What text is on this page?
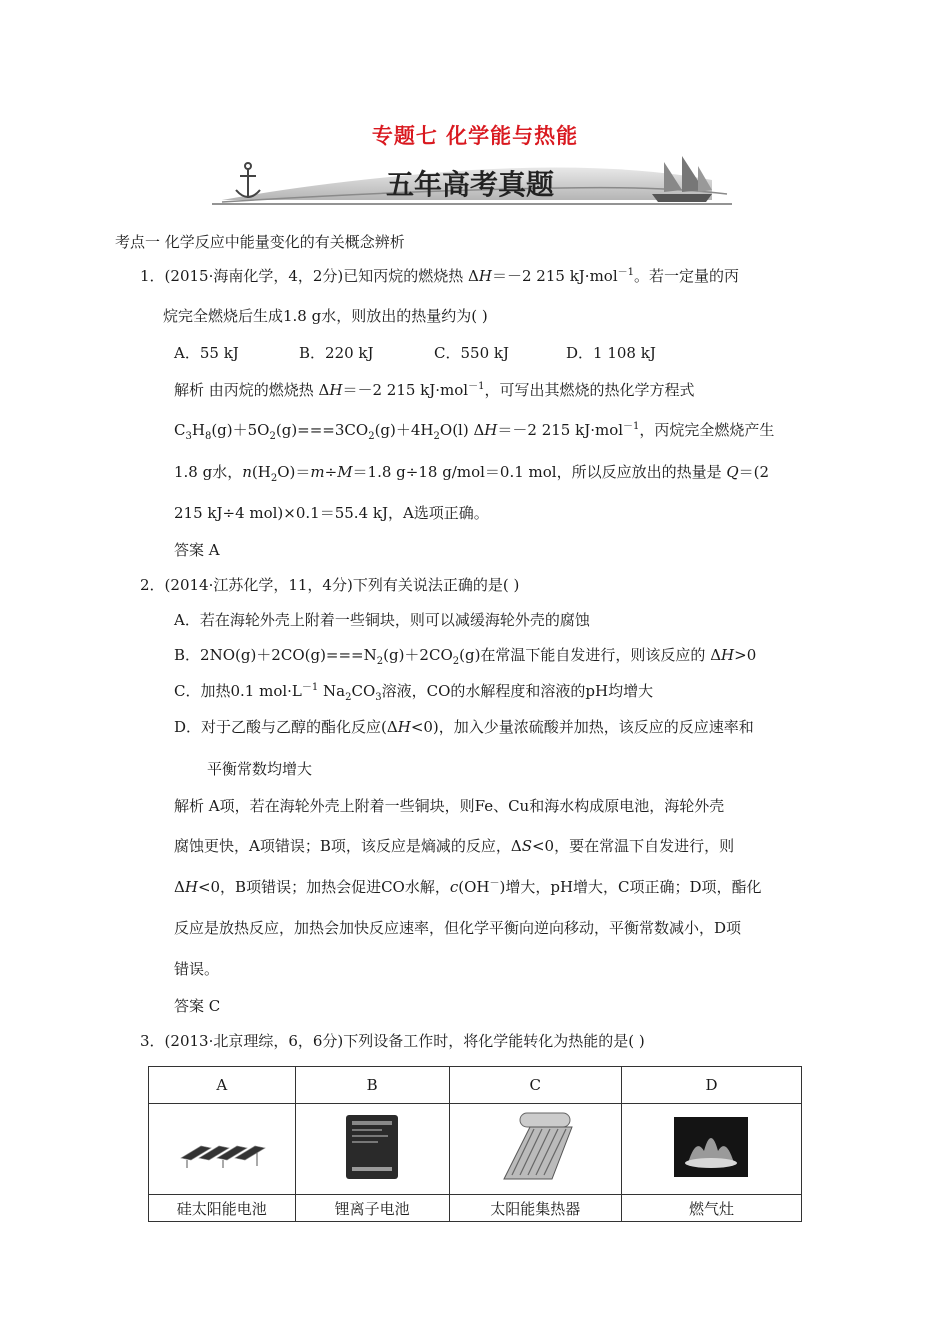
专题七 化学能与热能
五年高考真题
考点一 化学反应中能量变化的有关概念辨析
1．(2015·海南化学，4，2分)已知丙烷的燃烧热 ΔH＝－2 215 kJ·mol$^{-1}$。若一定量的丙
烷完全燃烧后生成1.8 g水，则放出的热量约为( )
A．55 kJ	B．220 kJ	C．550 kJ	D．1 108 kJ
解析 由丙烷的燃烧热 ΔH＝－2 215 kJ·mol$^{-1}$，可写出其燃烧的热化学方程式
$C_3H_8(g)+5O_2(g)===3CO_2(g)+4H_2O(l)$ ΔH＝－2 215 kJ·mol$^{-1}$，丙烷完全燃烧产生
1.8 g水，$n(H_2O)=m\div M=1.8$ g÷18 g/mol＝0.1 mol，所以反应放出的热量是 Q＝(2
215 kJ÷4 mol)×0.1＝55.4 kJ，A选项正确。
答案 A
2．(2014·江苏化学，11，4分)下列有关说法正确的是( )
A．若在海轮外壳上附着一些铜块，则可以减缓海轮外壳的腐蚀
B．$2NO(g)+2CO(g)===N_2(g)+2CO_2(g)$在常温下能自发进行，则该反应的 ΔH>0
C．加热0.1 $mol\cdot L^{-1}$ $Na_2CO_3$溶液，CO的水解程度和溶液的pH均增大
D．对于乙酸与乙醇的酯化反应(ΔH<0)，加入少量浓硫酸并加热，该反应的反应速率和
平衡常数均增大
解析 A项，若在海轮外壳上附着一些铜块，则Fe、Cu和海水构成原电池，海轮外壳
腐蚀更快，A项错误；B项，该反应是熵减的反应，ΔS<0，要在常温下自发进行，则
ΔH<0，B项错误；加热会促进CO水解，c(OH－)增大，pH增大，C项正确；D项，酯化
反应是放热反应，加热会加快反应速率，但化学平衡向逆向移动，平衡常数减小，D项
错误。
答案 C
3．(2013·北京理综，6，6分)下列设备工作时，将化学能转化为热能的是( )
A	B	C	D

硅太阳能电池	锂离子电池	太阳能集热器	燃气灶
